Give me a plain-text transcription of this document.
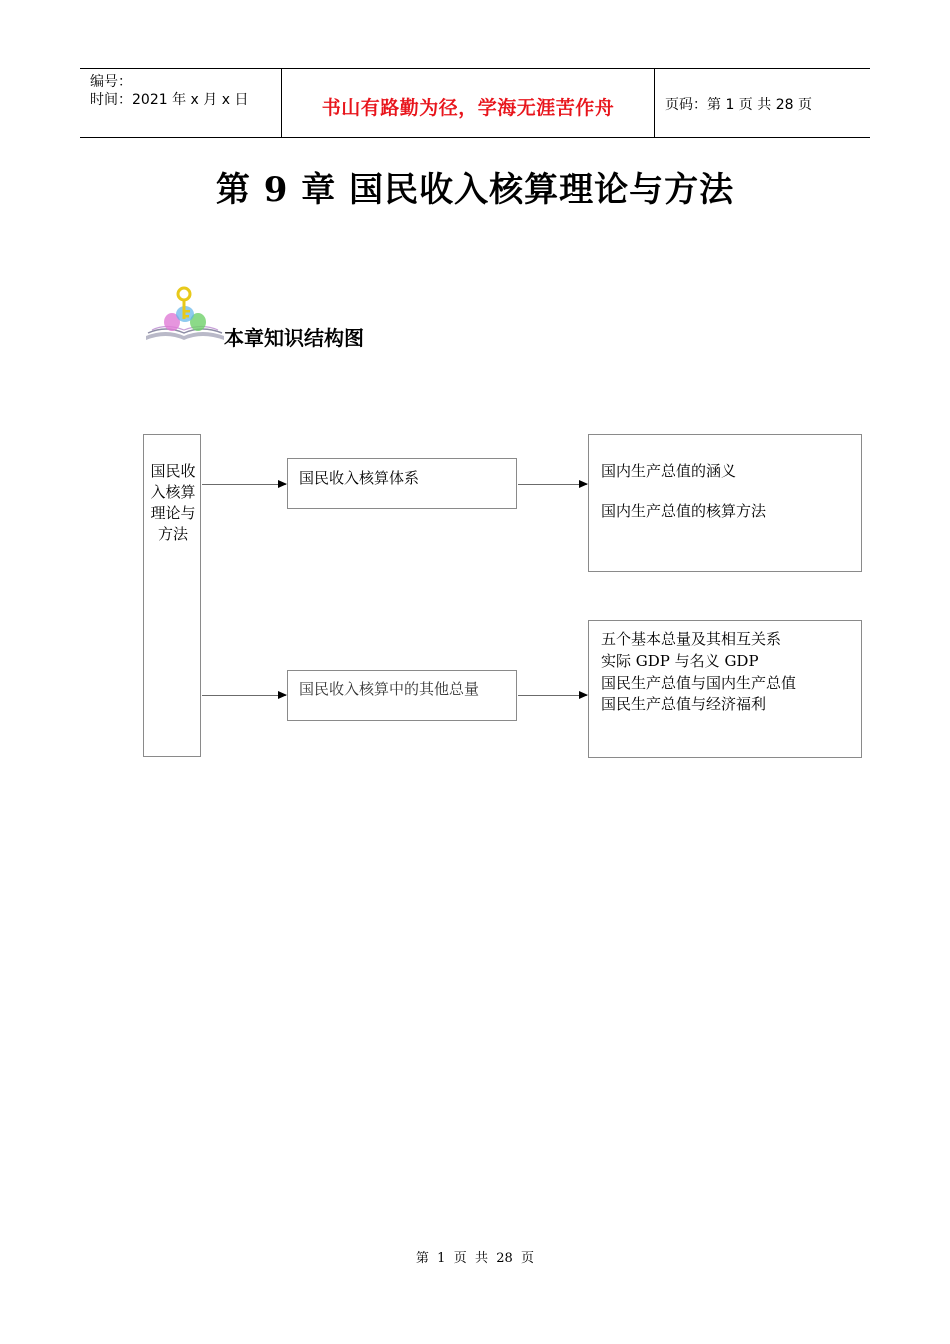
编号：
时间：2021 年 x 月 x 日	书山有路勤为径，学海无涯苦作舟	页码：第 1 页 共 28 页
第 9 章 国民收入核算理论与方法
本章知识结构图
国民收入核算理论与方法
国民收入核算体系
国民收入核算中的其他总量
国内生产总值的涵义
国内生产总值的核算方法
五个基本总量及其相互关系
实际 GDP 与名义 GDP
国民生产总值与国内生产总值
国民生产总值与经济福利
第  1  页  共  28  页
